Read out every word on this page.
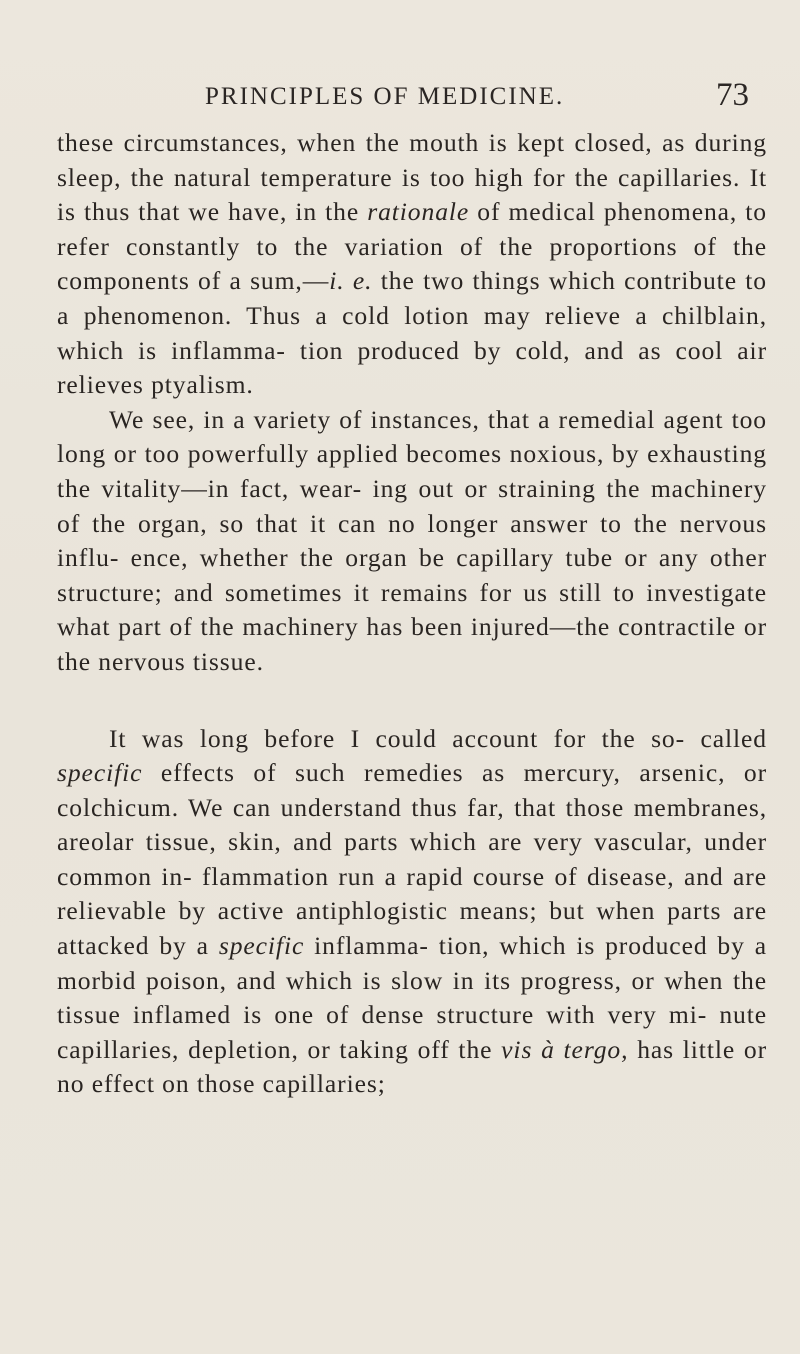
PRINCIPLES OF MEDICINE.	73

these circumstances, when the mouth is kept closed, as during sleep, the natural temperature is too high for the capillaries. It is thus that we have, in the rationale of medical phenomena, to refer constantly to the variation of the proportions of the components of a sum,—i. e. the two things which contribute to a phenomenon. Thus a cold lotion may relieve a chilblain, which is inflamma- tion produced by cold, and as cool air relieves ptyalism.

We see, in a variety of instances, that a remedial agent too long or too powerfully applied becomes noxious, by exhausting the vitality—in fact, wear- ing out or straining the machinery of the organ, so that it can no longer answer to the nervous influ- ence, whether the organ be capillary tube or any other structure; and sometimes it remains for us still to investigate what part of the machinery has been injured—the contractile or the nervous tissue.

It was long before I could account for the so- called specific effects of such remedies as mercury, arsenic, or colchicum. We can understand thus far, that those membranes, areolar tissue, skin, and parts which are very vascular, under common in- flammation run a rapid course of disease, and are relievable by active antiphlogistic means; but when parts are attacked by a specific inflamma- tion, which is produced by a morbid poison, and which is slow in its progress, or when the tissue inflamed is one of dense structure with very mi- nute capillaries, depletion, or taking off the vis à tergo, has little or no effect on those capillaries;
